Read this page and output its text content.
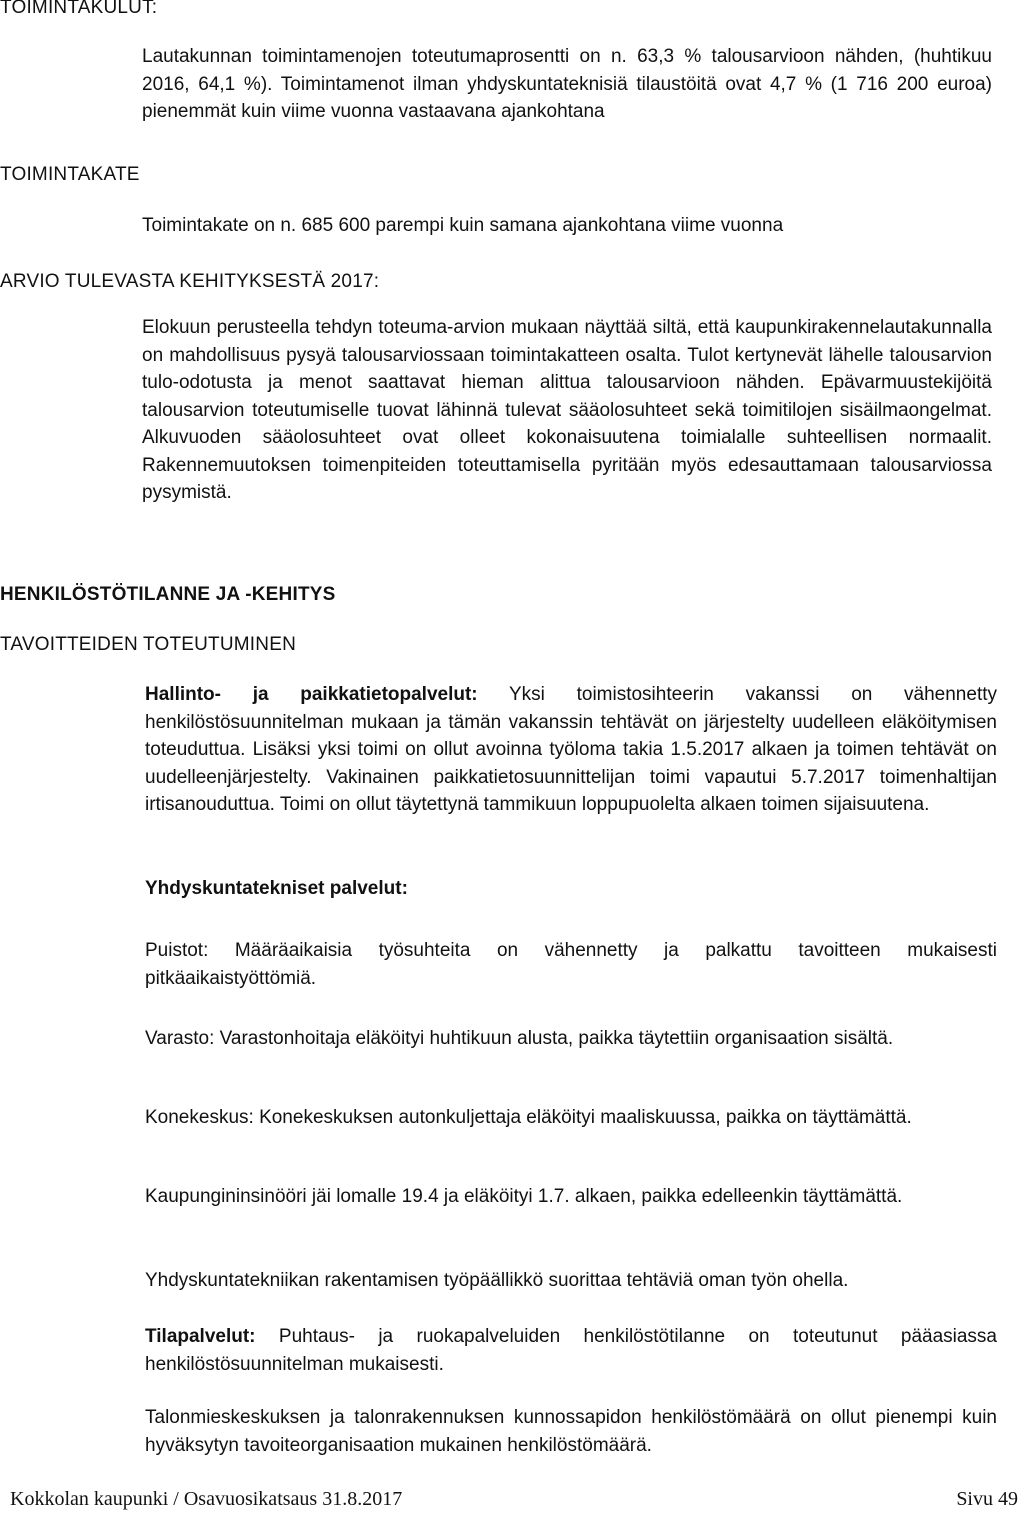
TOIMINTAKULUT:

Lautakunnan toimintamenojen toteutumaprosentti on n. 63,3 % talousarvioon nähden, (huhtikuu 2016, 64,1 %). Toimintamenot ilman yhdyskuntateknisiä tilaustöitä ovat 4,7 % (1 716 200 euroa) pienemmät kuin viime vuonna vastaavana ajankohtana

TOIMINTAKATE

Toimintakate on n. 685 600 parempi kuin samana ajankohtana viime vuonna

ARVIO TULEVASTA KEHITYKSESTÄ 2017:

Elokuun perusteella tehdyn toteuma-arvion mukaan näyttää siltä, että kaupunkirakennelautakunnalla on mahdollisuus pysyä talousarviossaan toimintakatteen osalta. Tulot kertynevät lähelle talousarvion tulo-odotusta ja menot saattavat hieman alittua talousarvioon nähden. Epävarmuustekijöitä talousarvion toteutumiselle tuovat lähinnä tulevat sääolosuhteet sekä toimitilojen sisäilmaongelmat. Alkuvuoden sääolosuhteet ovat olleet kokonaisuutena toimialalle suhteellisen normaalit. Rakennemuutoksen toimenpiteiden toteuttamisella pyritään myös edesauttamaan talousarviossa pysymistä.

HENKILÖSTÖTILANNE JA -KEHITYS
TAVOITTEIDEN TOTEUTUMINEN

Hallinto- ja paikkatietopalvelut: Yksi toimistosihteerin vakanssi on vähennetty henkilöstösuunnitelman mukaan ja tämän vakanssin tehtävät on järjestelty uudelleen eläköitymisen toteuduttua. Lisäksi yksi toimi on ollut avoinna työloma takia 1.5.2017 alkaen ja toimen tehtävät on uudelleenjärjestelty. Vakinainen paikkatietosuunnittelijan toimi vapautui 5.7.2017 toimenhaltijan irtisanouduttua. Toimi on ollut täytettynä tammikuun loppupuolelta alkaen toimen sijaisuutena.

Yhdyskuntatekniset palvelut:

Puistot: Määräaikaisia työsuhteita on vähennetty ja palkattu tavoitteen mukaisesti pitkäaikaistyöttömiä.

Varasto: Varastonhoitaja eläköityi huhtikuun alusta, paikka täytettiin organisaation sisältä.

Konekeskus: Konekeskuksen autonkuljettaja eläköityi maaliskuussa, paikka on täyttämättä.

Kaupungininsinööri jäi lomalle 19.4 ja eläköityi 1.7. alkaen, paikka edelleenkin täyttämättä.

Yhdyskuntatekniikan rakentamisen työpäällikkö suorittaa tehtäviä oman työn ohella.

Tilapalvelut: Puhtaus- ja ruokapalveluiden henkilöstötilanne on toteutunut pääasiassa henkilöstösuunnitelman mukaisesti.

Talonmieskeskuksen ja talonrakennuksen kunnossapidon henkilöstömäärä on ollut pienempi kuin hyväksytyn tavoiteorganisaation mukainen henkilöstömäärä.

Kokkolan kaupunki / Osavuosikatsaus 31.8.2017	Sivu 49
